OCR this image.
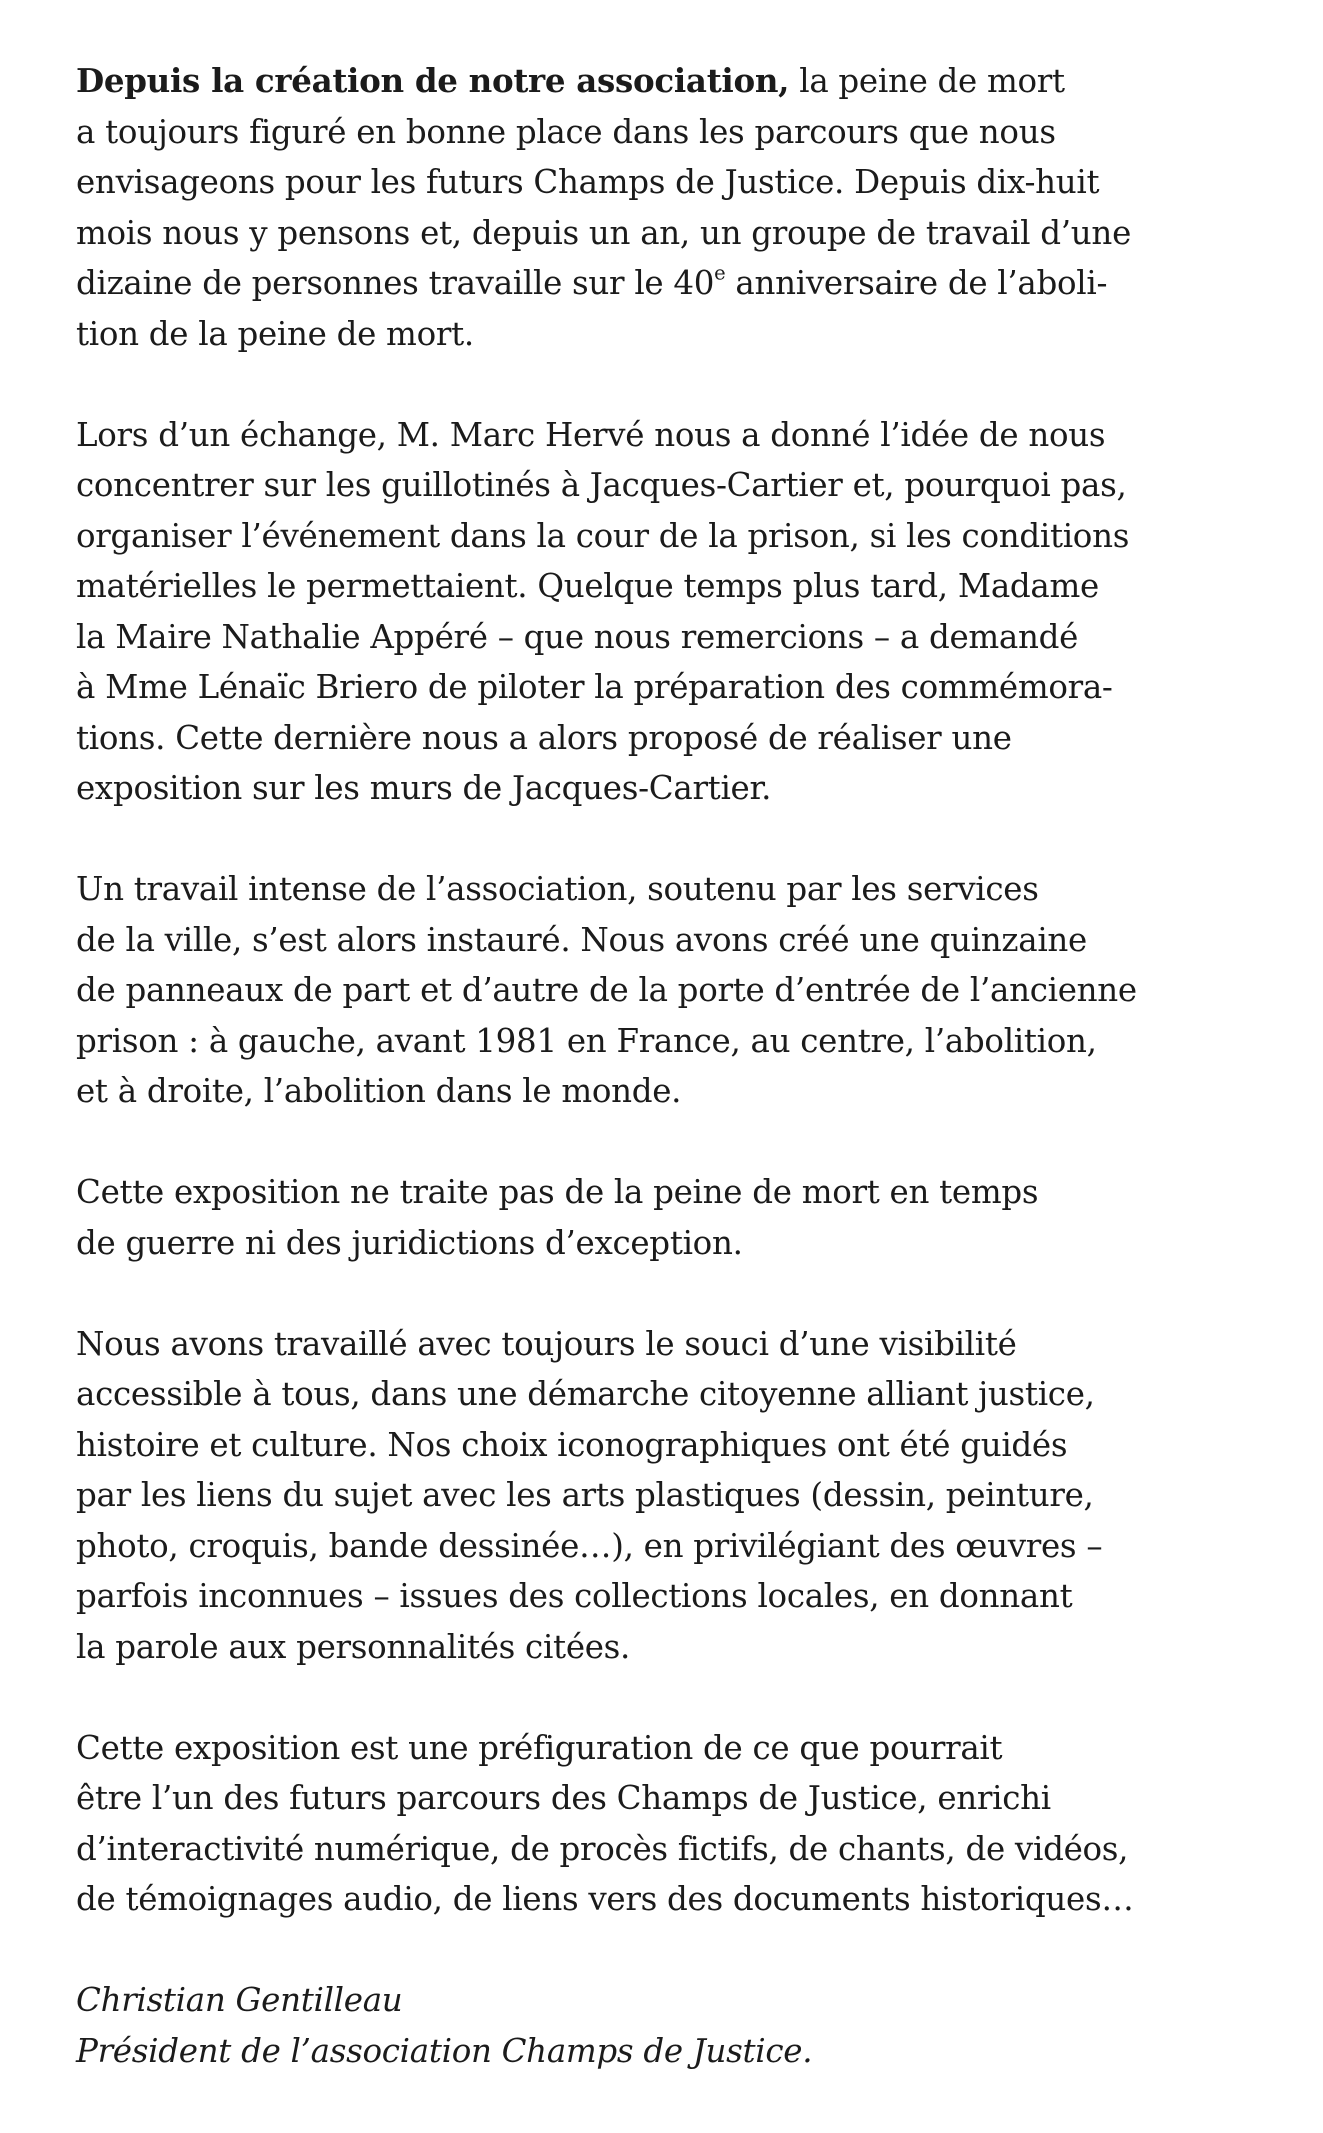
Depuis la création de notre association, la peine de mort
a toujours figuré en bonne place dans les parcours que nous
envisageons pour les futurs Champs de Justice. Depuis dix-huit
mois nous y pensons et, depuis un an, un groupe de travail d’une
dizaine de personnes travaille sur le 40e anniversaire de l’aboli-
tion de la peine de mort.
Lors d’un échange, M. Marc Hervé nous a donné l’idée de nous
concentrer sur les guillotinés à Jacques-Cartier et, pourquoi pas,
organiser l’événement dans la cour de la prison, si les conditions
matérielles le permettaient. Quelque temps plus tard, Madame
la Maire Nathalie Appéré – que nous remercions – a demandé
à Mme Lénaïc Briero de piloter la préparation des commémora-
tions. Cette dernière nous a alors proposé de réaliser une
exposition sur les murs de Jacques-Cartier.
Un travail intense de l’association, soutenu par les services
de la ville, s’est alors instauré. Nous avons créé une quinzaine
de panneaux de part et d’autre de la porte d’entrée de l’ancienne
prison : à gauche, avant 1981 en France, au centre, l’abolition,
et à droite, l’abolition dans le monde.
Cette exposition ne traite pas de la peine de mort en temps
de guerre ni des juridictions d’exception.
Nous avons travaillé avec toujours le souci d’une visibilité
accessible à tous, dans une démarche citoyenne alliant justice,
histoire et culture. Nos choix iconographiques ont été guidés
par les liens du sujet avec les arts plastiques (dessin, peinture,
photo, croquis, bande dessinée…), en privilégiant des œuvres –
parfois inconnues – issues des collections locales, en donnant
la parole aux personnalités citées.
Cette exposition est une préfiguration de ce que pourrait
être l’un des futurs parcours des Champs de Justice, enrichi
d’interactivité numérique, de procès fictifs, de chants, de vidéos,
de témoignages audio, de liens vers des documents historiques…
Christian Gentilleau
Président de l’association Champs de Justice.
